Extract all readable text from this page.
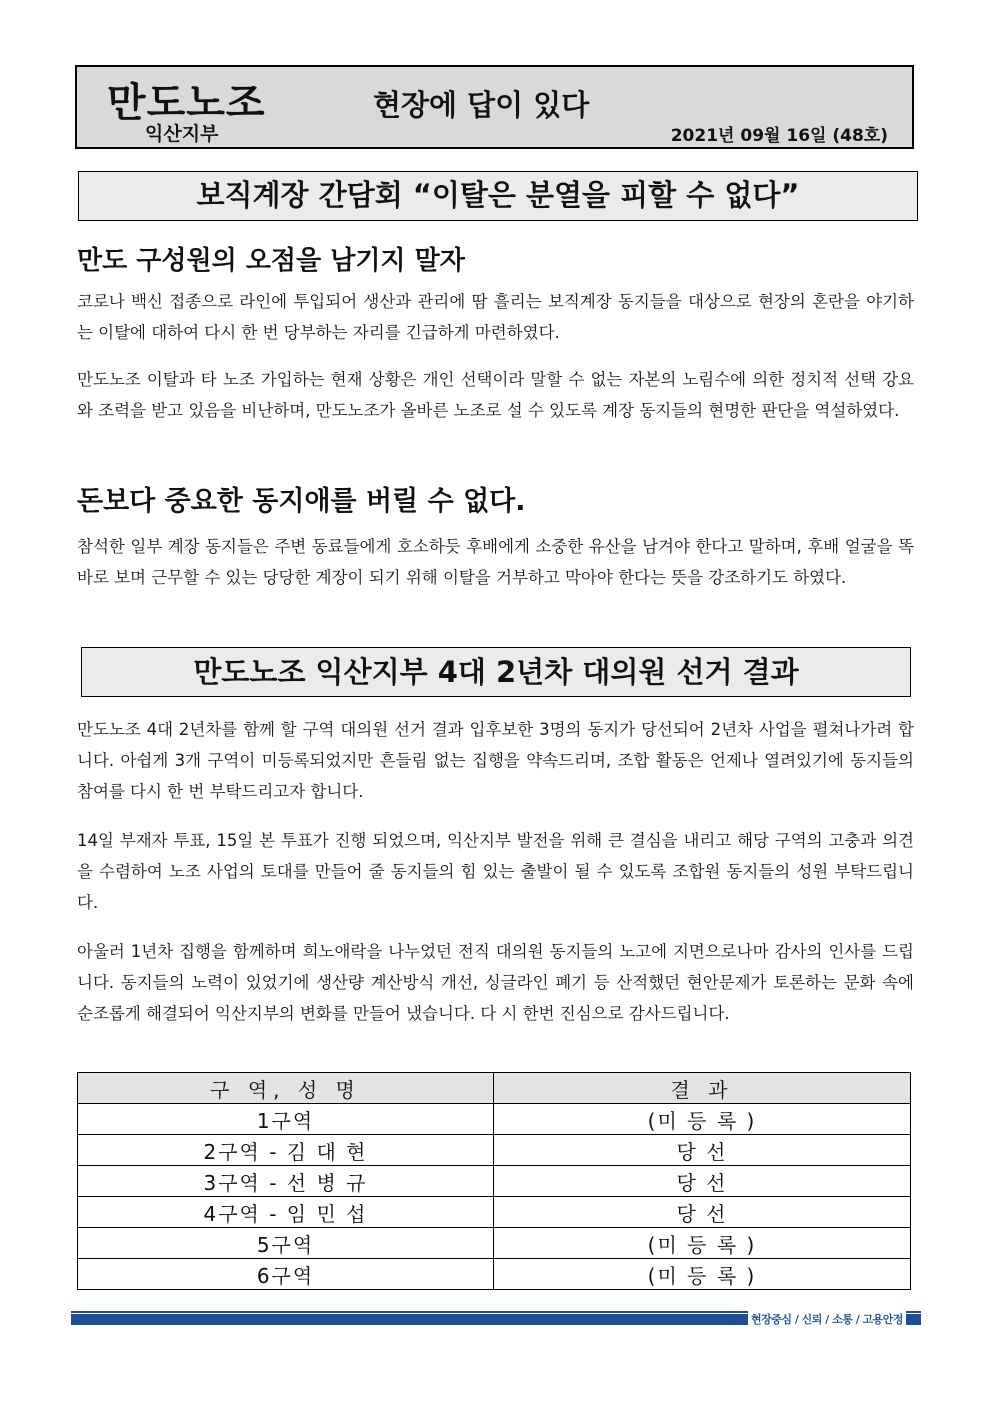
만도노조
익산지부
현장에 답이 있다
2021년 09월 16일 (48호)
보직계장 간담회 “이탈은 분열을 피할 수 없다”
만도 구성원의 오점을 남기지 말자

코로나 백신 접종으로 라인에 투입되어 생산과 관리에 땀 흘리는 보직계장 동지들을 대상으로 현장의 혼란을 야기하는 이탈에 대하여 다시 한 번 당부하는 자리를 긴급하게 마련하였다.

만도노조 이탈과 타 노조 가입하는 현재 상황은 개인 선택이라 말할 수 없는 자본의 노림수에 의한 정치적 선택 강요와 조력을 받고 있음을 비난하며, 만도노조가 올바른 노조로 설 수 있도록 계장 동지들의 현명한 판단을 역설하였다.

돈보다 중요한 동지애를 버릴 수 없다.

참석한 일부 계장 동지들은 주변 동료들에게 호소하듯 후배에게 소중한 유산을 남겨야 한다고 말하며, 후배 얼굴을 똑바로 보며 근무할 수 있는 당당한 계장이 되기 위해 이탈을 거부하고 막아야 한다는 뜻을 강조하기도 하였다.

만도노조 익산지부 4대 2년차 대의원 선거 결과

만도노조 4대 2년차를 함께 할 구역 대의원 선거 결과 입후보한 3명의 동지가 당선되어 2년차 사업을 펼쳐나가려 합니다. 아쉽게 3개 구역이 미등록되었지만 흔들림 없는 집행을 약속드리며, 조합 활동은 언제나 열려있기에 동지들의 참여를 다시 한 번 부탁드리고자 합니다.

14일 부재자 투표, 15일 본 투표가 진행 되었으며, 익산지부 발전을 위해 큰 결심을 내리고 해당 구역의 고충과 의견을 수렴하여 노조 사업의 토대를 만들어 줄 동지들의 힘 있는 출발이 될 수 있도록 조합원 동지들의 성원 부탁드립니다.

아울러 1년차 집행을 함께하며 희노애락을 나누었던 전직 대의원 동지들의 노고에 지면으로나마 감사의 인사를 드립니다. 동지들의 노력이 있었기에 생산량 계산방식 개선, 싱글라인 폐기 등 산적했던 현안문제가 토론하는 문화 속에 순조롭게 해결되어 익산지부의 변화를 만들어 냈습니다. 다 시 한번 진심으로 감사드립니다.

구 역, 성 명	결 과
1구역	(미 등 록 )
2구역 - 김 대 현	당 선
3구역 - 선 병 규	당 선
4구역 - 임 민 섭	당 선
5구역	(미 등 록 )
6구역	(미 등 록 )
현장중심 / 신뢰 / 소통 / 고용안정
